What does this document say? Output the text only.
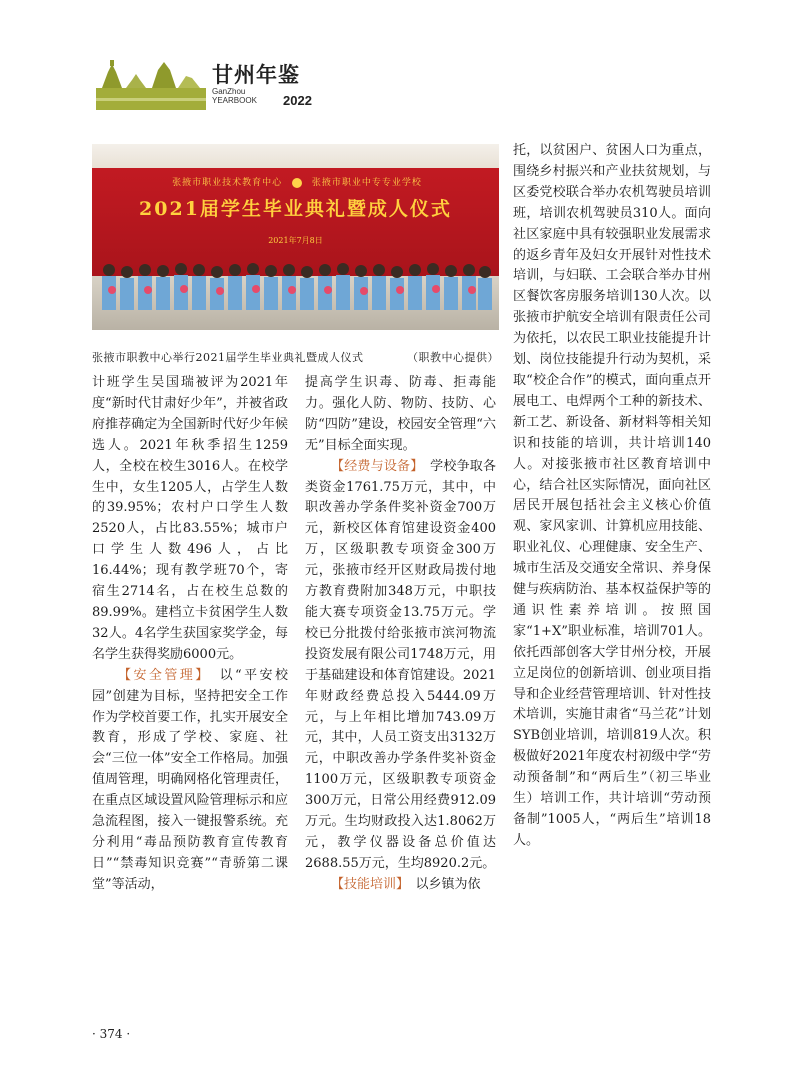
甘州年鉴
GanZhou
YEARBOOK 2022
张掖市职业技术教育中心	张掖市职业中专专业学校
2021届学生毕业典礼暨成人仪式
2021年7月8日
张掖市职教中心举行2021届学生毕业典礼暨成人仪式	（职教中心提供）

计班学生吴国瑞被评为2021年度“新时代甘肃好少年”，并被省政府推荐确定为全国新时代好少年候选人。2021年秋季招生1259人，全校在校生3016人。在校学生中，女生1205人，占学生人数的39.95%；农村户口学生人数2520人，占比83.55%；城市户口学生人数496人，占比16.44%；现有教学班70个，寄宿生2714名，占在校生总数的89.99%。建档立卡贫困学生人数32人。4名学生获国家奖学金，每名学生获得奖励6000元。

【安全管理】　 以“平安校园”创建为目标，坚持把安全工作作为学校首要工作，扎实开展安全教育，形成了学校、家庭、社会“三位一体”安全工作格局。加强值周管理，明确网格化管理责任，在重点区域设置风险管理标示和应急流程图，接入一键报警系统。充分利用“毒品预防教育宣传教育日”“禁毒知识竞赛”“青骄第二课堂”等活动，

提高学生识毒、防毒、拒毒能力。强化人防、物防、技防、心防“四防”建设，校园安全管理“六无”目标全面实现。

【经费与设备】　 学校争取各类资金1761.75万元，其中，中职改善办学条件奖补资金700万元，新校区体育馆建设资金400万，区级职教专项资金300万元，张掖市经开区财政局拨付地方教育费附加348万元，中职技能大赛专项资金13.75万元。学校已分批拨付给张掖市滨河物流投资发展有限公司1748万元，用于基础建设和体育馆建设。2021年财政经费总投入5444.09万元，与上年相比增加743.09万元，其中，人员工资支出3132万元，中职改善办学条件奖补资金1100万元，区级职教专项资金300万元，日常公用经费912.09万元。生均财政投入达1.8062万元，教学仪器设备总价值达2688.55万元，生均8920.2元。

【技能培训】　 以乡镇为依

托，以贫困户、贫困人口为重点，围绕乡村振兴和产业扶贫规划，与区委党校联合举办农机驾驶员培训班，培训农机驾驶员310人。面向社区家庭中具有较强职业发展需求的返乡青年及妇女开展针对性技术培训，与妇联、工会联合举办甘州区餐饮客房服务培训130人次。以张掖市护航安全培训有限责任公司为依托，以农民工职业技能提升计划、岗位技能提升行动为契机，采取“校企合作”的模式，面向重点开展电工、电焊两个工种的新技术、新工艺、新设备、新材料等相关知识和技能的培训，共计培训140人。对接张掖市社区教育培训中心，结合社区实际情况，面向社区居民开展包括社会主义核心价值观、家风家训、计算机应用技能、职业礼仪、心理健康、安全生产、城市生活及交通安全常识、养身保健与疾病防治、基本权益保护等的通识性素养培训。按照国家“1+X”职业标准，培训701人。依托西部创客大学甘州分校，开展立足岗位的创新培训、创业项目指导和企业经营管理培训、针对性技术培训，实施甘肃省“马兰花”计划SYB创业培训，培训819人次。积极做好2021年度农村初级中学“劳动预备制”和“两后生”（初三毕业生）培训工作，共计培训“劳动预备制”1005人，“两后生”培训18人。

· 374 ·
